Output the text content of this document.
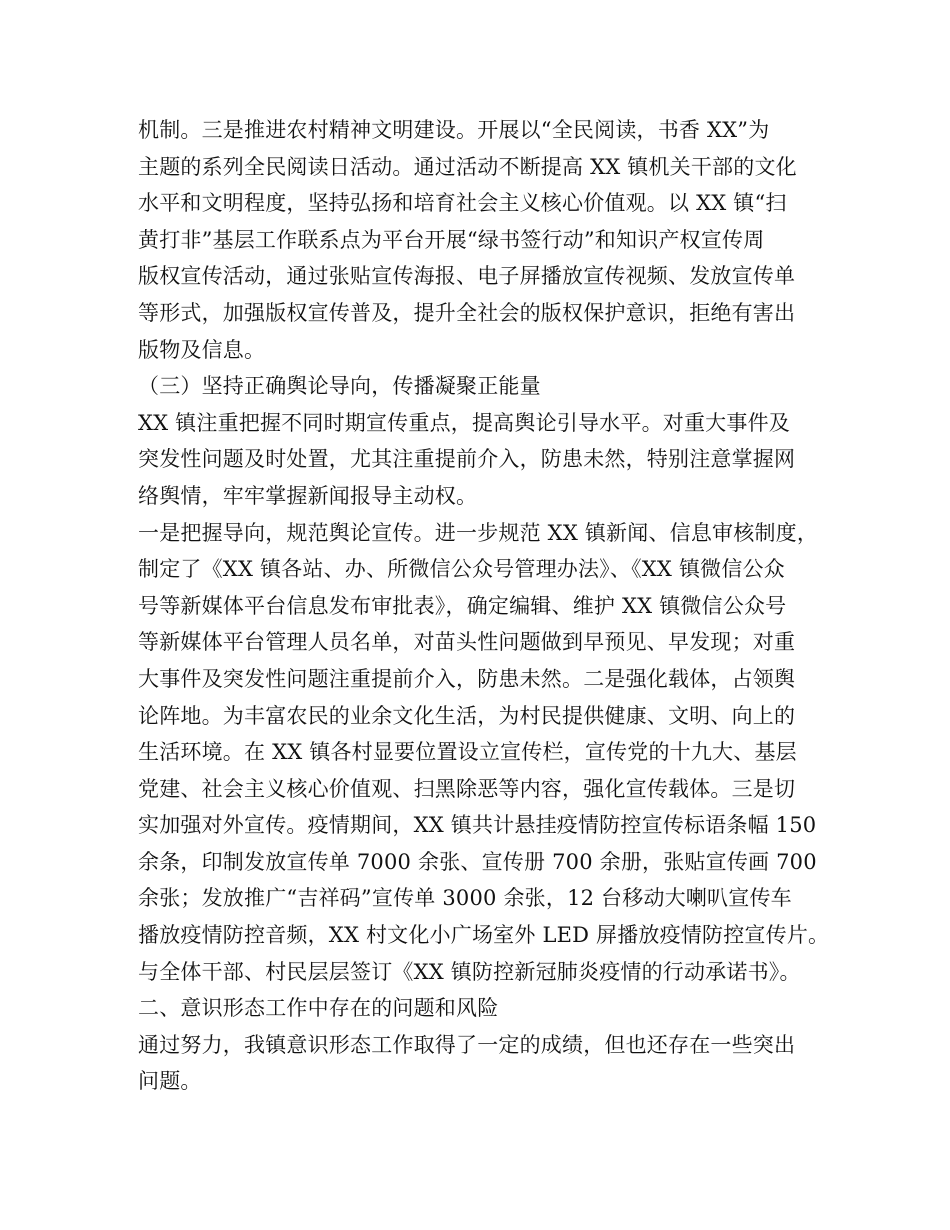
机制。三是推进农村精神文明建设。开展以“全民阅读，书香 XX”为
主题的系列全民阅读日活动。通过活动不断提高 XX 镇机关干部的文化
水平和文明程度，坚持弘扬和培育社会主义核心价值观。以 XX 镇“扫
黄打非”基层工作联系点为平台开展“绿书签行动”和知识产权宣传周
版权宣传活动，通过张贴宣传海报、电子屏播放宣传视频、发放宣传单
等形式，加强版权宣传普及，提升全社会的版权保护意识，拒绝有害出
版物及信息。
（三）坚持正确舆论导向，传播凝聚正能量
XX 镇注重把握不同时期宣传重点，提高舆论引导水平。对重大事件及
突发性问题及时处置，尤其注重提前介入，防患未然，特别注意掌握网
络舆情，牢牢掌握新闻报导主动权。
一是把握导向，规范舆论宣传。进一步规范 XX 镇新闻、信息审核制度，
制定了《XX 镇各站、办、所微信公众号管理办法》、《XX 镇微信公众
号等新媒体平台信息发布审批表》，确定编辑、维护 XX 镇微信公众号
等新媒体平台管理人员名单，对苗头性问题做到早预见、早发现；对重
大事件及突发性问题注重提前介入，防患未然。二是强化载体，占领舆
论阵地。为丰富农民的业余文化生活，为村民提供健康、文明、向上的
生活环境。在 XX 镇各村显要位置设立宣传栏，宣传党的十九大、基层
党建、社会主义核心价值观、扫黑除恶等内容，强化宣传载体。三是切
实加强对外宣传。疫情期间，XX 镇共计悬挂疫情防控宣传标语条幅 150
余条，印制发放宣传单 7000 余张、宣传册 700 余册，张贴宣传画 700
余张；发放推广“吉祥码”宣传单 3000 余张，12 台移动大喇叭宣传车
播放疫情防控音频，XX 村文化小广场室外 LED 屏播放疫情防控宣传片。
与全体干部、村民层层签订《XX 镇防控新冠肺炎疫情的行动承诺书》。
二、意识形态工作中存在的问题和风险
通过努力，我镇意识形态工作取得了一定的成绩，但也还存在一些突出
问题。
